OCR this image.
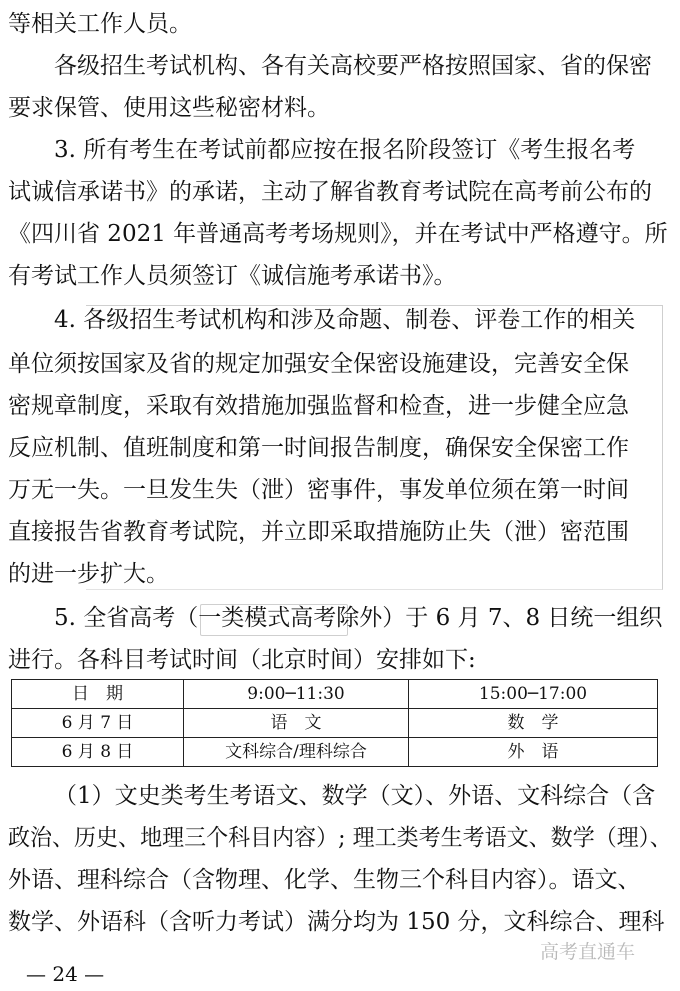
等相关工作人员。
各级招生考试机构、各有关高校要严格按照国家、省的保密
要求保管、使用这些秘密材料。
3. 所有考生在考试前都应按在报名阶段签订《考生报名考
试诚信承诺书》的承诺，主动了解省教育考试院在高考前公布的
《四川省 2021 年普通高考考场规则》，并在考试中严格遵守。所
有考试工作人员须签订《诚信施考承诺书》。
4. 各级招生考试机构和涉及命题、制卷、评卷工作的相关
单位须按国家及省的规定加强安全保密设施建设，完善安全保
密规章制度，采取有效措施加强监督和检查，进一步健全应急
反应机制、值班制度和第一时间报告制度，确保安全保密工作
万无一失。一旦发生失（泄）密事件，事发单位须在第一时间
直接报告省教育考试院，并立即采取措施防止失（泄）密范围
的进一步扩大。
5. 全省高考（一类模式高考除外）于 6 月 7、8 日统一组织
进行。各科目考试时间（北京时间）安排如下:
日　期	9:00─11:30	15:00─17:00
6 月 7 日	语　文	数　学
6 月 8 日	文科综合/理科综合	外　语
（1）文史类考生考语文、数学（文）、外语、文科综合（含
政治、历史、地理三个科目内容）; 理工类考生考语文、数学（理）、
外语、理科综合（含物理、化学、生物三个科目内容）。语文、
数学、外语科（含听力考试）满分均为 150 分，文科综合、理科
高考直通车
— 24 —
